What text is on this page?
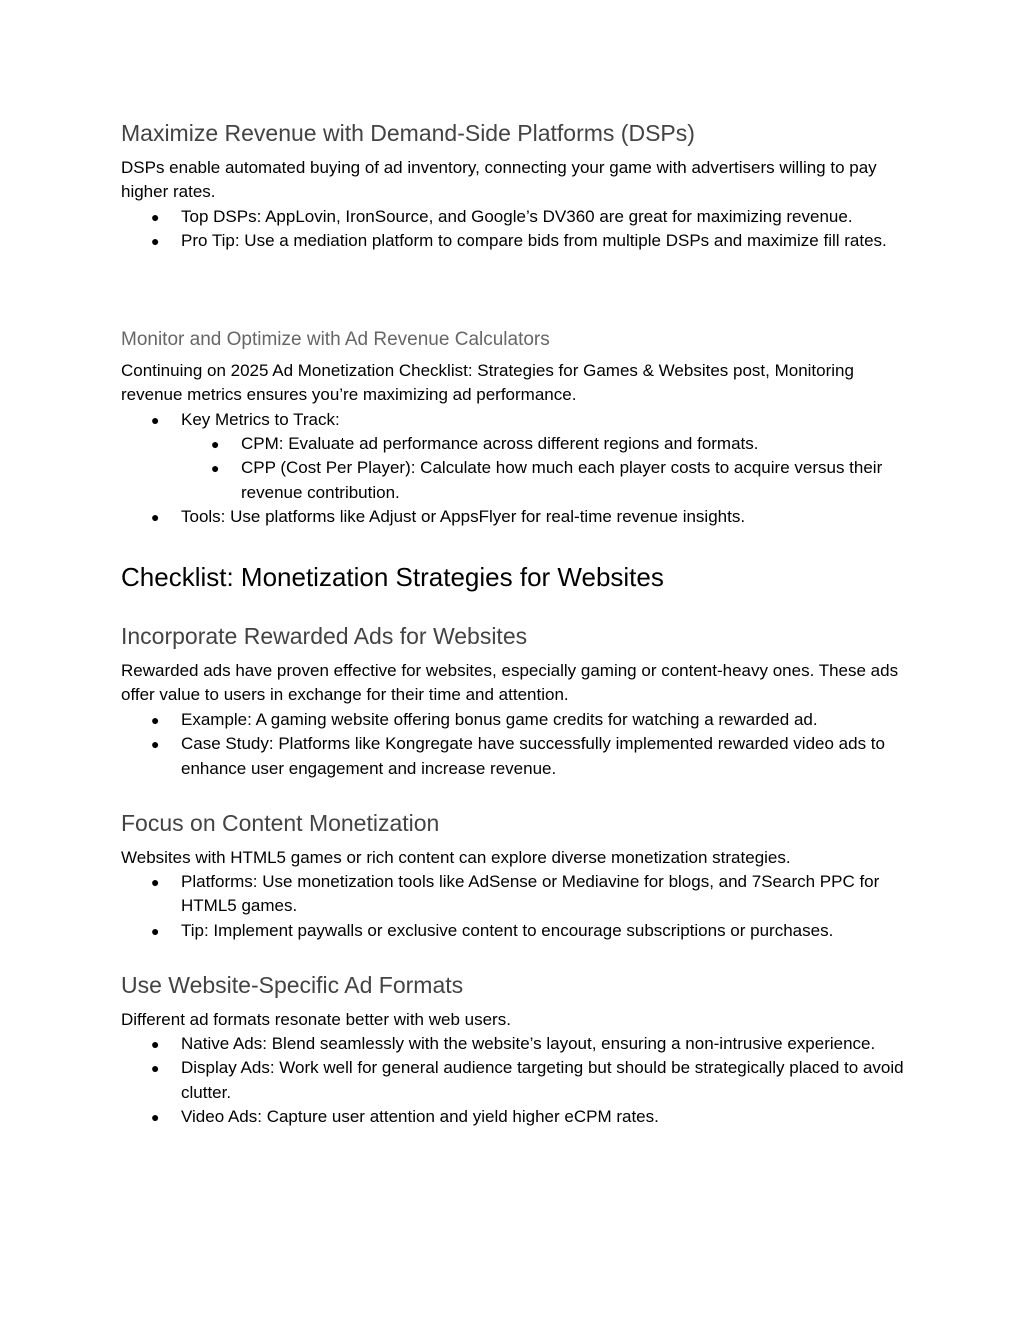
Maximize Revenue with Demand-Side Platforms (DSPs)

DSPs enable automated buying of ad inventory, connecting your game with advertisers willing to pay higher rates.

● Top DSPs: AppLovin, IronSource, and Google’s DV360 are great for maximizing revenue.
● Pro Tip: Use a mediation platform to compare bids from multiple DSPs and maximize fill rates.
Monitor and Optimize with Ad Revenue Calculators

Continuing on 2025 Ad Monetization Checklist: Strategies for Games & Websites post, Monitoring revenue metrics ensures you’re maximizing ad performance.

● Key Metrics to Track:
● CPM: Evaluate ad performance across different regions and formats.
● CPP (Cost Per Player): Calculate how much each player costs to acquire versus their revenue contribution.
● Tools: Use platforms like Adjust or AppsFlyer for real-time revenue insights.
Checklist: Monetization Strategies for Websites
Incorporate Rewarded Ads for Websites

Rewarded ads have proven effective for websites, especially gaming or content-heavy ones. These ads offer value to users in exchange for their time and attention.

● Example: A gaming website offering bonus game credits for watching a rewarded ad.
● Case Study: Platforms like Kongregate have successfully implemented rewarded video ads to enhance user engagement and increase revenue.
Focus on Content Monetization

Websites with HTML5 games or rich content can explore diverse monetization strategies.

● Platforms: Use monetization tools like AdSense or Mediavine for blogs, and 7Search PPC for HTML5 games.
● Tip: Implement paywalls or exclusive content to encourage subscriptions or purchases.
Use Website-Specific Ad Formats

Different ad formats resonate better with web users.

● Native Ads: Blend seamlessly with the website’s layout, ensuring a non-intrusive experience.
● Display Ads: Work well for general audience targeting but should be strategically placed to avoid clutter.
● Video Ads: Capture user attention and yield higher eCPM rates.
